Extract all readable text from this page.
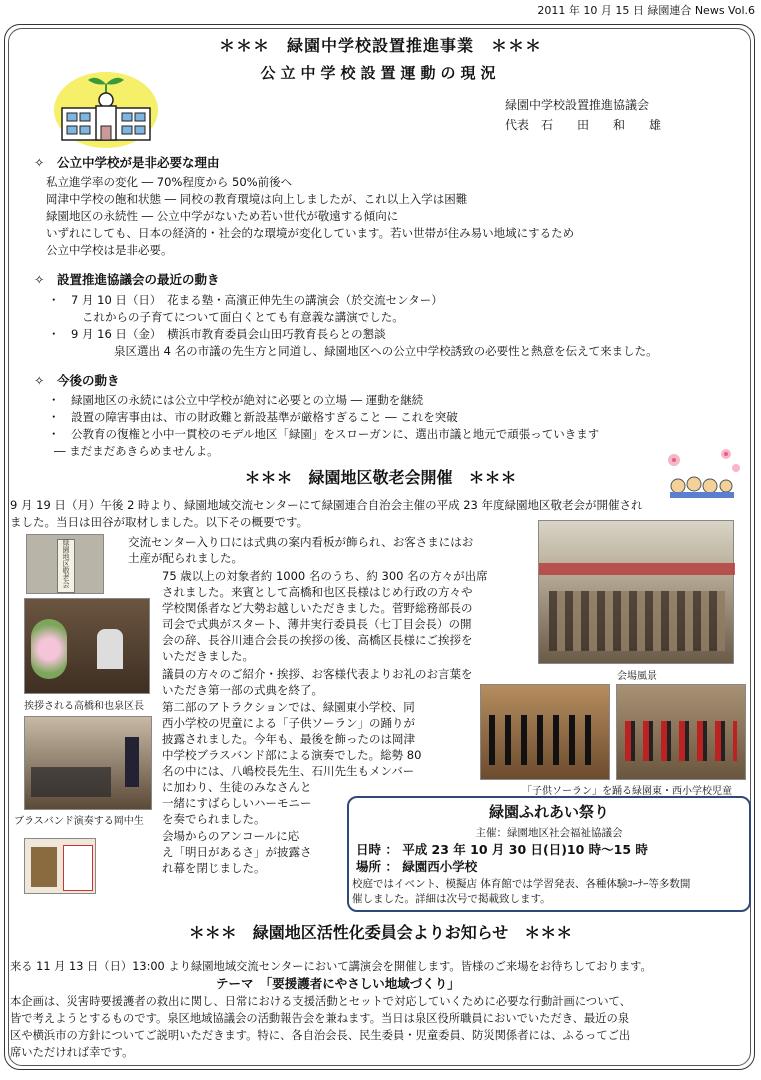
2011 年 10 月 15 日 緑園連合 News Vol.6
＊＊＊　緑園中学校設置推進事業　＊＊＊
公立中学校設置運動の現況
緑園中学校設置推進協議会
代表　石　　田　　和　　雄
✧　 公立中学校が是非必要な理由
私立進学率の変化 ― 70%程度から 50%前後へ
岡津中学校の飽和状態 ― 同校の教育環境は向上しましたが、これ以上入学は困難
緑園地区の永続性 ― 公立中学がないため若い世代が敬遠する傾向に
いずれにしても、日本の経済的・社会的な環境が変化しています。若い世帯が住み易い地域にするため
公立中学校は是非必要。
✧　 設置推進協議会の最近の動き
・　7 月 10 日（日）　花まる塾・高濱正伸先生の講演会（於交流センター）
これからの子育てについて面白くとても有意義な講演でした。
・　9 月 16 日（金）　横浜市教育委員会山田巧教育長らとの懇談
泉区選出 4 名の市議の先生方と同道し、緑園地区への公立中学校誘致の必要性と熱意を伝えて来ました。
✧　 今後の動き
・　緑園地区の永続には公立中学校が絶対に必要との立場 ― 運動を継続
・　設置の障害事由は、市の財政難と新設基準が厳格すぎること ― これを突破
・　公教育の復権と小中一貫校のモデル地区「緑園」をスローガンに、選出市議と地元で頑張っていきます
― まだまだあきらめませんよ。
＊＊＊　緑園地区敬老会開催　＊＊＊
9 月 19 日（月）午後 2 時より、緑園地域交流センターにて緑園連合自治会主催の平成 23 年度緑園地区敬老会が開催され
ました。当日は田谷が取材しました。以下その概要です。
緑
園
地
区
敬
老
会
挨拶される高橋和也泉区長
ブラスバンド演奏する岡中生
交流センター入り口には式典の案内看板が飾られ、お客さまにはお
土産が配られました。
75 歳以上の対象者約 1000 名のうち、約 300 名の方々が出席
されました。来賓として高橋和也区長様はじめ行政の方々や
学校関係者など大勢お越しいただきました。菅野総務部長の
司会で式典がスタート、薄井実行委員長（七丁目会長）の開
会の辞、長谷川連合会長の挨拶の後、高橋区長様にご挨拶を
いただきました。
議員の方々のご紹介・挨拶、お客様代表よりお礼のお言葉を
いただき第一部の式典を終了。
第二部のアトラクションでは、緑園東小学校、同
西小学校の児童による「子供ソーラン」の踊りが
披露されました。今年も、最後を飾ったのは岡津
中学校ブラスバンド部による演奏でした。総勢 80
名の中には、八嶋校長先生、石川先生もメンバー
に加わり、生徒のみなさんと
一緒にすばらしいハーモニー
を奏でられました。
会場からのアンコールに応
え「明日があるさ」が披露さ
れ幕を閉じました。
会場風景
「子供ソーラン」を踊る緑園東・西小学校児童
緑園ふれあい祭り
主催：緑園地区社会福祉協議会
日時 ： 平成 23 年 10 月 30 日(日)10 時～15 時
場所 ： 緑園西小学校
校庭ではイベント、模擬店 体育館では学習発表、各種体験ｺｰﾅｰ等多数開
催しました。詳細は次号で掲載致します。
＊＊＊　緑園地区活性化委員会よりお知らせ　＊＊＊
来る 11 月 13 日（日）13:00 より緑園地域交流センターにおいて講演会を開催します。皆様のご来場をお待ちしております。
テーマ　「要援護者にやさしい地域づくり」
本企画は、災害時要援護者の救出に関し、日常における支援活動とセットで対応していくために必要な行動計画について、
皆で考えようとするものです。泉区地域協議会の活動報告会を兼ねます。当日は泉区役所職員においでいただき、最近の泉
区や横浜市の方針についてご説明いただきます。特に、各自治会長、民生委員・児童委員、防災関係者には、ふるってご出
席いただければ幸です。
